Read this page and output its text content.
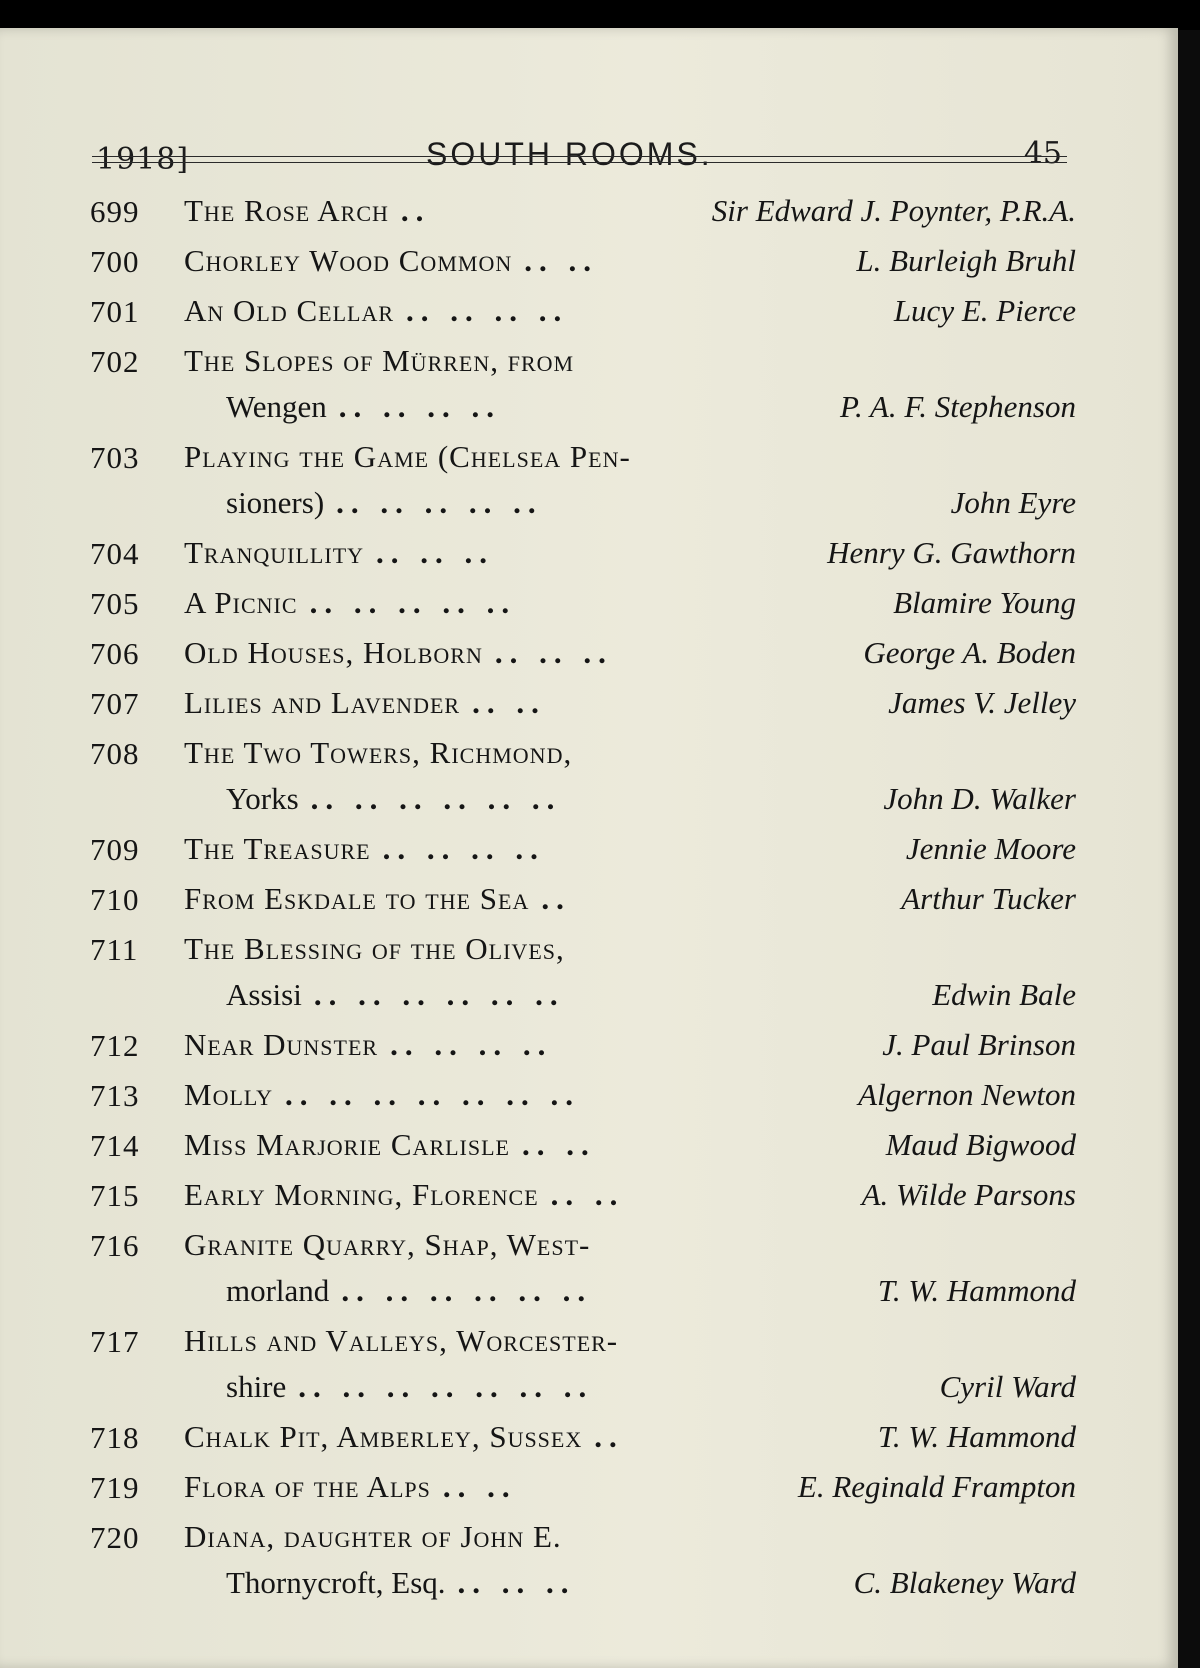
1918]	SOUTH ROOMS.	45
699	The Rose Arch ..	Sir Edward J. Poynter, P.R.A.
700	Chorley Wood Common .. ..	L. Burleigh Bruhl
701	An Old Cellar .. .. .. ..	Lucy E. Pierce
702	The Slopes of Mürren, from
Wengen .. .. .. ..	P. A. F. Stephenson
703	Playing the Game (Chelsea Pen-
sioners) .. .. .. .. ..	John Eyre
704	Tranquillity .. .. ..	Henry G. Gawthorn
705	A Picnic .. .. .. .. ..	Blamire Young
706	Old Houses, Holborn .. .. ..	George A. Boden
707	Lilies and Lavender .. ..	James V. Jelley
708	The Two Towers, Richmond,
Yorks .. .. .. .. .. ..	John D. Walker
709	The Treasure .. .. .. ..	Jennie Moore
710	From Eskdale to the Sea ..	Arthur Tucker
711	The Blessing of the Olives,
Assisi .. .. .. .. .. ..	Edwin Bale
712	Near Dunster .. .. .. ..	J. Paul Brinson
713	Molly .. .. .. .. .. .. ..	Algernon Newton
714	Miss Marjorie Carlisle .. ..	Maud Bigwood
715	Early Morning, Florence .. ..	A. Wilde Parsons
716	Granite Quarry, Shap, West-
morland .. .. .. .. .. ..	T. W. Hammond
717	Hills and Valleys, Worcester-
shire .. .. .. .. .. .. ..	Cyril Ward
718	Chalk Pit, Amberley, Sussex ..	T. W. Hammond
719	Flora of the Alps .. ..	E. Reginald Frampton
720	Diana, daughter of John E.
Thornycroft, Esq. .. .. ..	C. Blakeney Ward
